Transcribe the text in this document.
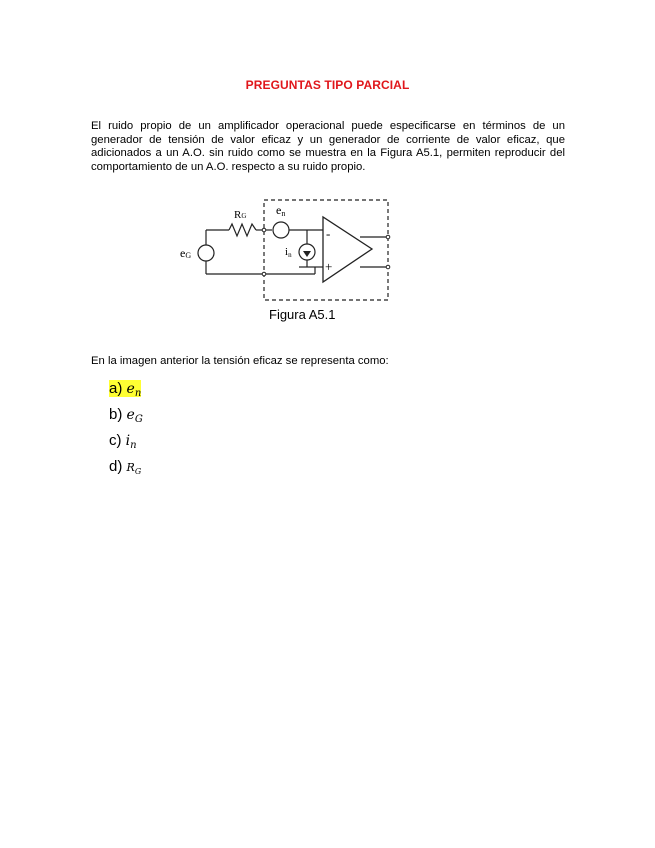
PREGUNTAS TIPO PARCIAL
El ruido propio de un amplificador operacional puede especificarse en términos de un generador de tensión de valor eficaz y un generador de corriente de valor eficaz, que adicionados a un A.O. sin ruido como se muestra en la Figura A5.1, permiten reproducir del comportamiento de un A.O. respecto a su ruido propio.
-
+
RG en
eG	in
Figura A5.1
En la imagen anterior la tensión eficaz se representa como:
a) $e_n$
b) $e_G$
c) $i_n$
d) $R_G$
